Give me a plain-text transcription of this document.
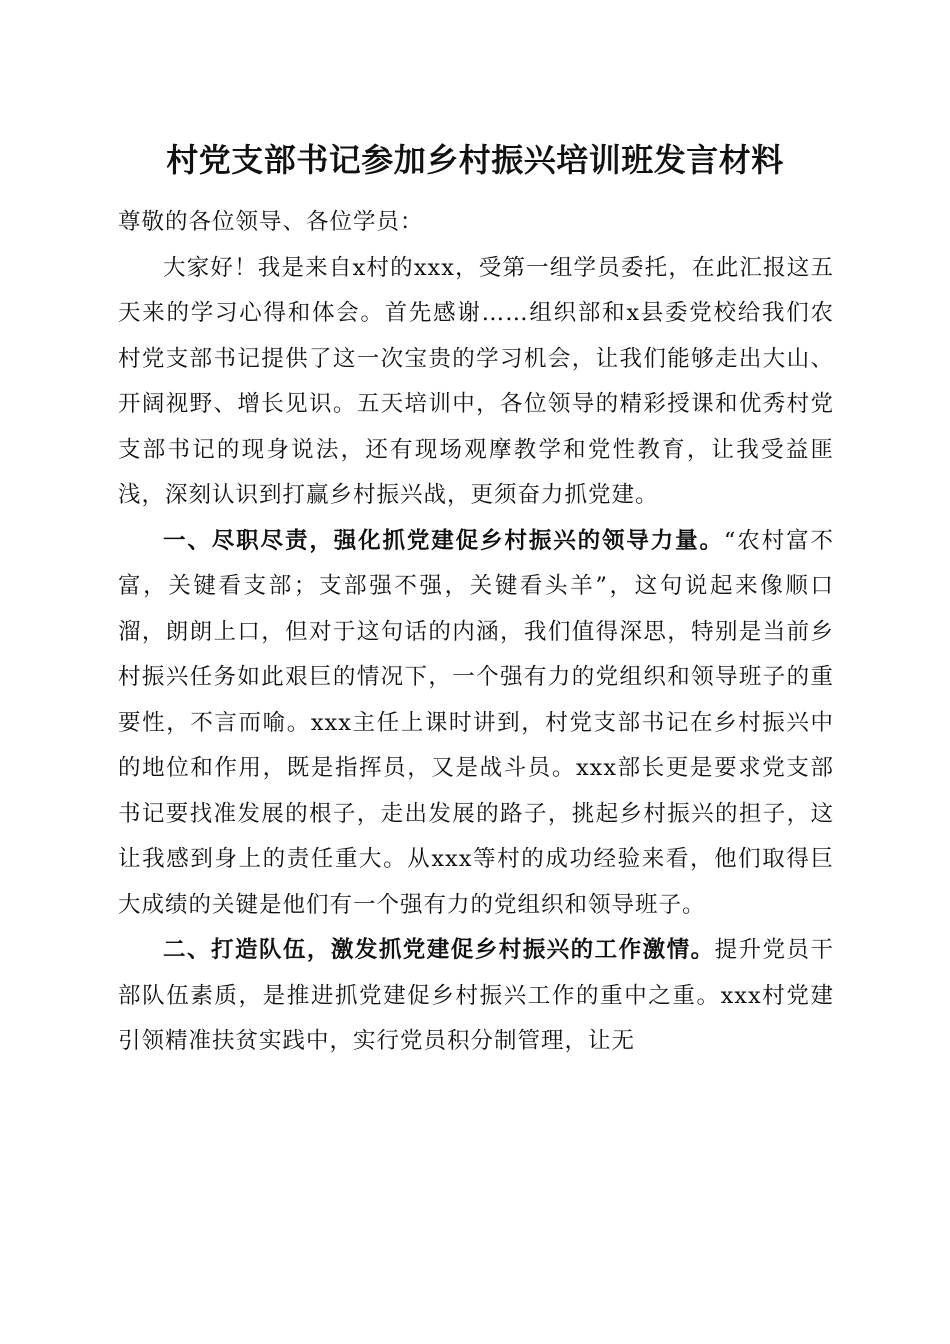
村党支部书记参加乡村振兴培训班发言材料

尊敬的各位领导、各位学员：

大家好！我是来自x村的xxx，受第一组学员委托，在此汇报这五天来的学习心得和体会。首先感谢……组织部和x县委党校给我们农村党支部书记提供了这一次宝贵的学习机会，让我们能够走出大山、开阔视野、增长见识。五天培训中，各位领导的精彩授课和优秀村党支部书记的现身说法，还有现场观摩教学和党性教育，让我受益匪浅，深刻认识到打赢乡村振兴战，更须奋力抓党建。

一、尽职尽责，强化抓党建促乡村振兴的领导力量。“农村富不富，关键看支部；支部强不强，关键看头羊”，这句说起来像顺口溜，朗朗上口，但对于这句话的内涵，我们值得深思，特别是当前乡村振兴任务如此艰巨的情况下，一个强有力的党组织和领导班子的重要性，不言而喻。xxx主任上课时讲到，村党支部书记在乡村振兴中的地位和作用，既是指挥员，又是战斗员。xxx部长更是要求党支部书记要找准发展的根子，走出发展的路子，挑起乡村振兴的担子，这让我感到身上的责任重大。从xxx等村的成功经验来看，他们取得巨大成绩的关键是他们有一个强有力的党组织和领导班子。

二、打造队伍，激发抓党建促乡村振兴的工作激情。提升党员干部队伍素质，是推进抓党建促乡村振兴工作的重中之重。xxx村党建引领精准扶贫实践中，实行党员积分制管理，让无
